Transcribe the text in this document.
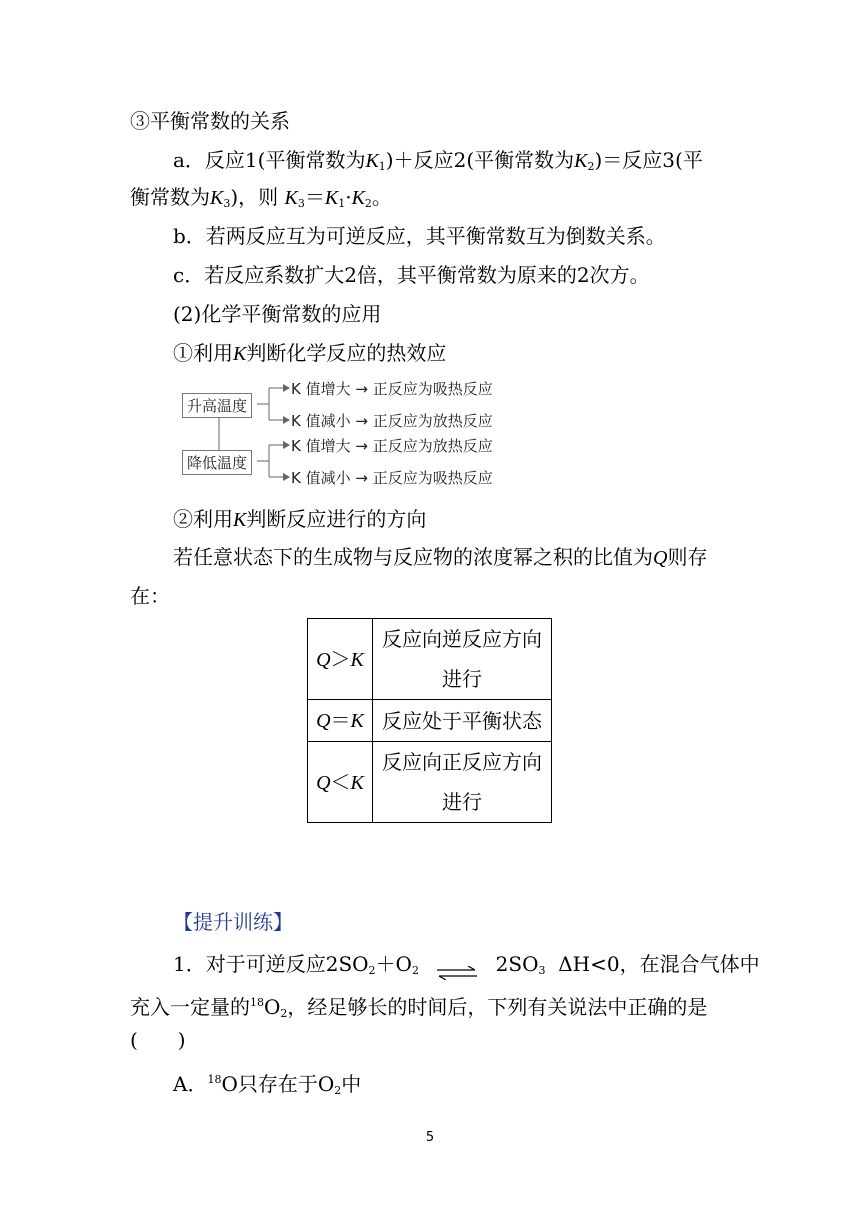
③平衡常数的关系
a．反应1(平衡常数为$K_1)+$反应2(平衡常数为$K_2)=$反应3(平
衡常数为$K_3$)，则 $K_3=K_1\cdot K_2$。
b．若两反应互为可逆反应，其平衡常数互为倒数关系。
c．若反应系数扩大2倍，其平衡常数为原来的2次方。
(2)化学平衡常数的应用
①利用K判断化学反应的热效应
升高温度
降低温度
K 值增大 → 正反应为吸热反应
K 值减小 → 正反应为放热反应
K 值增大 → 正反应为放热反应
K 值减小 → 正反应为吸热反应
②利用K判断反应进行的方向
若任意状态下的生成物与反应物的浓度幂之积的比值为Q则存
在：
Q＞K	反应向逆反应方向
进行
Q＝K	反应处于平衡状态
Q＜K	反应向正反应方向
进行
【提升训练】
1．对于可逆反应$2SO_2+O_2$ ⇌ $2SO_3$ ΔH<0，在混合气体中
充入一定量的$^{18}O_2$，经足够长的时间后，下列有关说法中正确的是
(　　)
A．$^{18}$O只存在于$O_2$中
5
